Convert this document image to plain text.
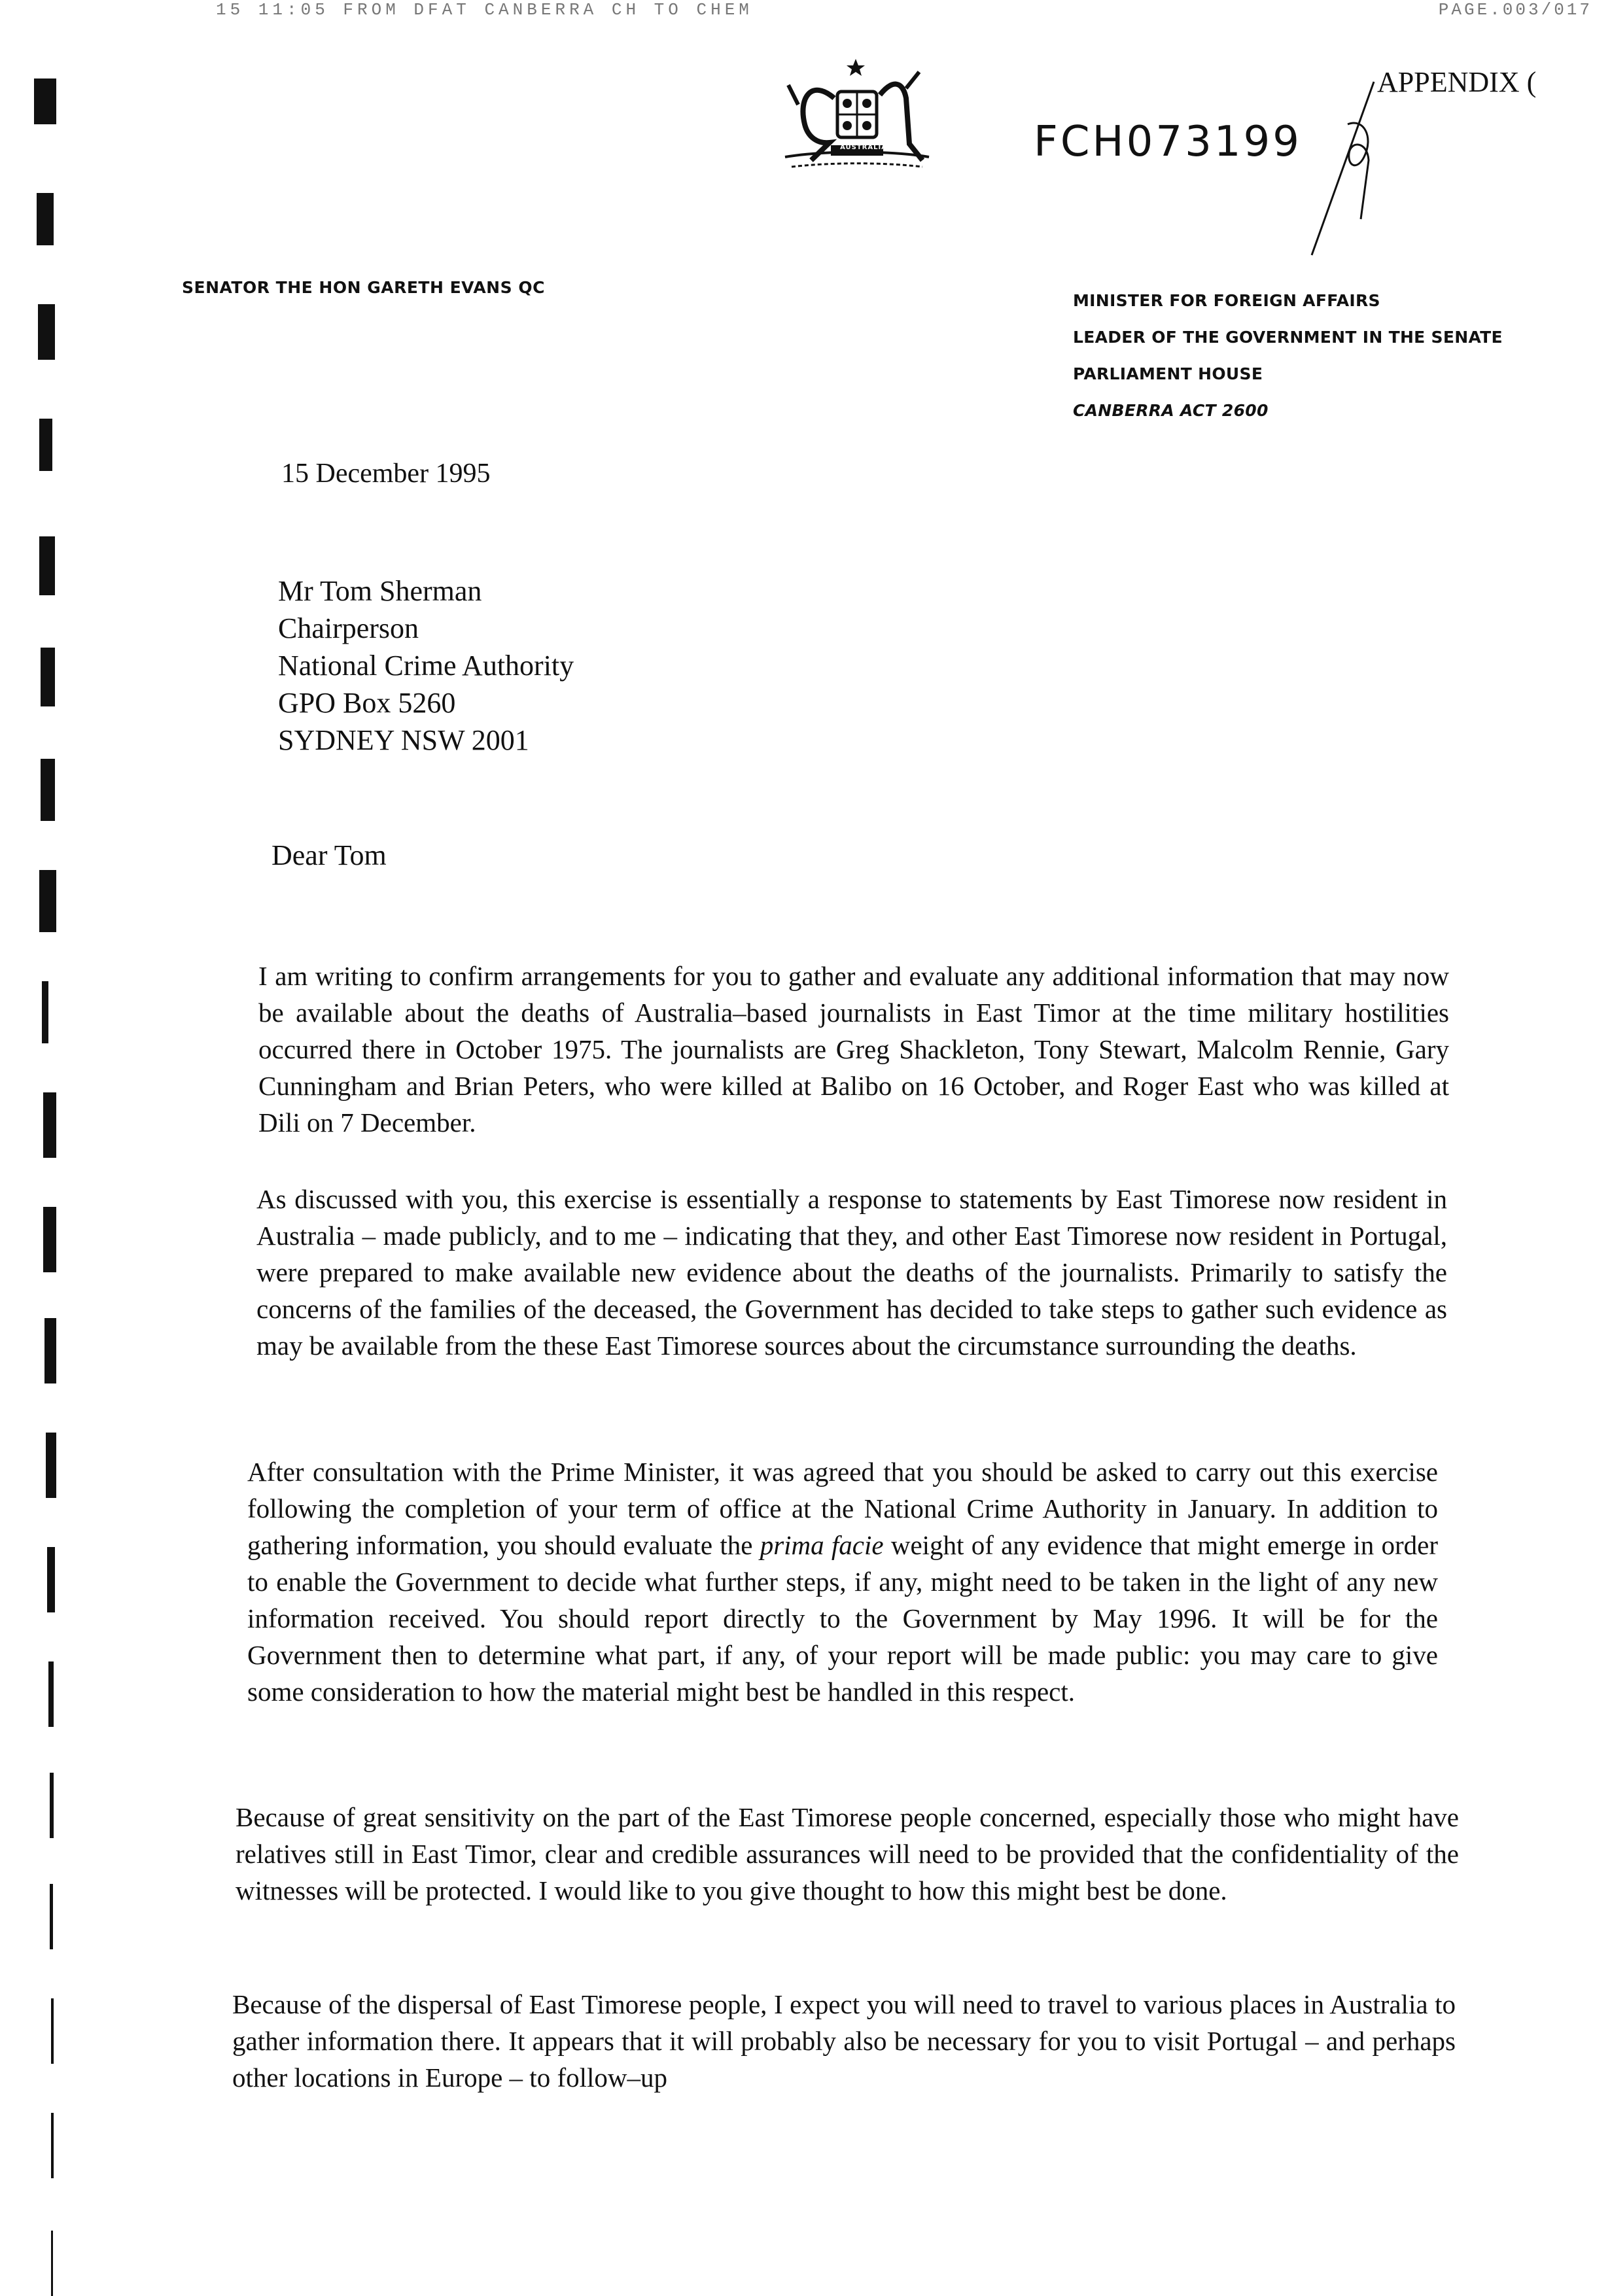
15 11:05 FROM DFAT CANBERRA CH TO CHEM	PAGE.003/017
APPENDIX (
FCH073199
AUSTRALIA
SENATOR THE HON GARETH EVANS QC
MINISTER FOR FOREIGN AFFAIRS
LEADER OF THE GOVERNMENT IN THE SENATE
PARLIAMENT HOUSE
CANBERRA ACT 2600
15 December 1995
Mr Tom Sherman
Chairperson
National Crime Authority
GPO Box 5260
SYDNEY NSW 2001
Dear Tom
I am writing to confirm arrangements for you to gather and evaluate any additional information that may now be available about the deaths of Australia–based journalists in East Timor at the time military hostilities occurred there in October 1975. The journalists are Greg Shackleton, Tony Stewart, Malcolm Rennie, Gary Cunningham and Brian Peters, who were killed at Balibo on 16 October, and Roger East who was killed at Dili on 7 December.
As discussed with you, this exercise is essentially a response to statements by East Timorese now resident in Australia – made publicly, and to me – indicating that they, and other East Timorese now resident in Portugal, were prepared to make available new evidence about the deaths of the journalists. Primarily to satisfy the concerns of the families of the deceased, the Government has decided to take steps to gather such evidence as may be available from the these East Timorese sources about the circumstance surrounding the deaths.
After consultation with the Prime Minister, it was agreed that you should be asked to carry out this exercise following the completion of your term of office at the National Crime Authority in January. In addition to gathering information, you should evaluate the prima facie weight of any evidence that might emerge in order to enable the Government to decide what further steps, if any, might need to be taken in the light of any new information received. You should report directly to the Government by May 1996. It will be for the Government then to determine what part, if any, of your report will be made public: you may care to give some consideration to how the material might best be handled in this respect.
Because of great sensitivity on the part of the East Timorese people concerned, especially those who might have relatives still in East Timor, clear and credible assurances will need to be provided that the confidentiality of the witnesses will be protected. I would like to you give thought to how this might best be done.
Because of the dispersal of East Timorese people, I expect you will need to travel to various places in Australia to gather information there. It appears that it will probably also be necessary for you to visit Portugal – and perhaps other locations in Europe – to follow–up
